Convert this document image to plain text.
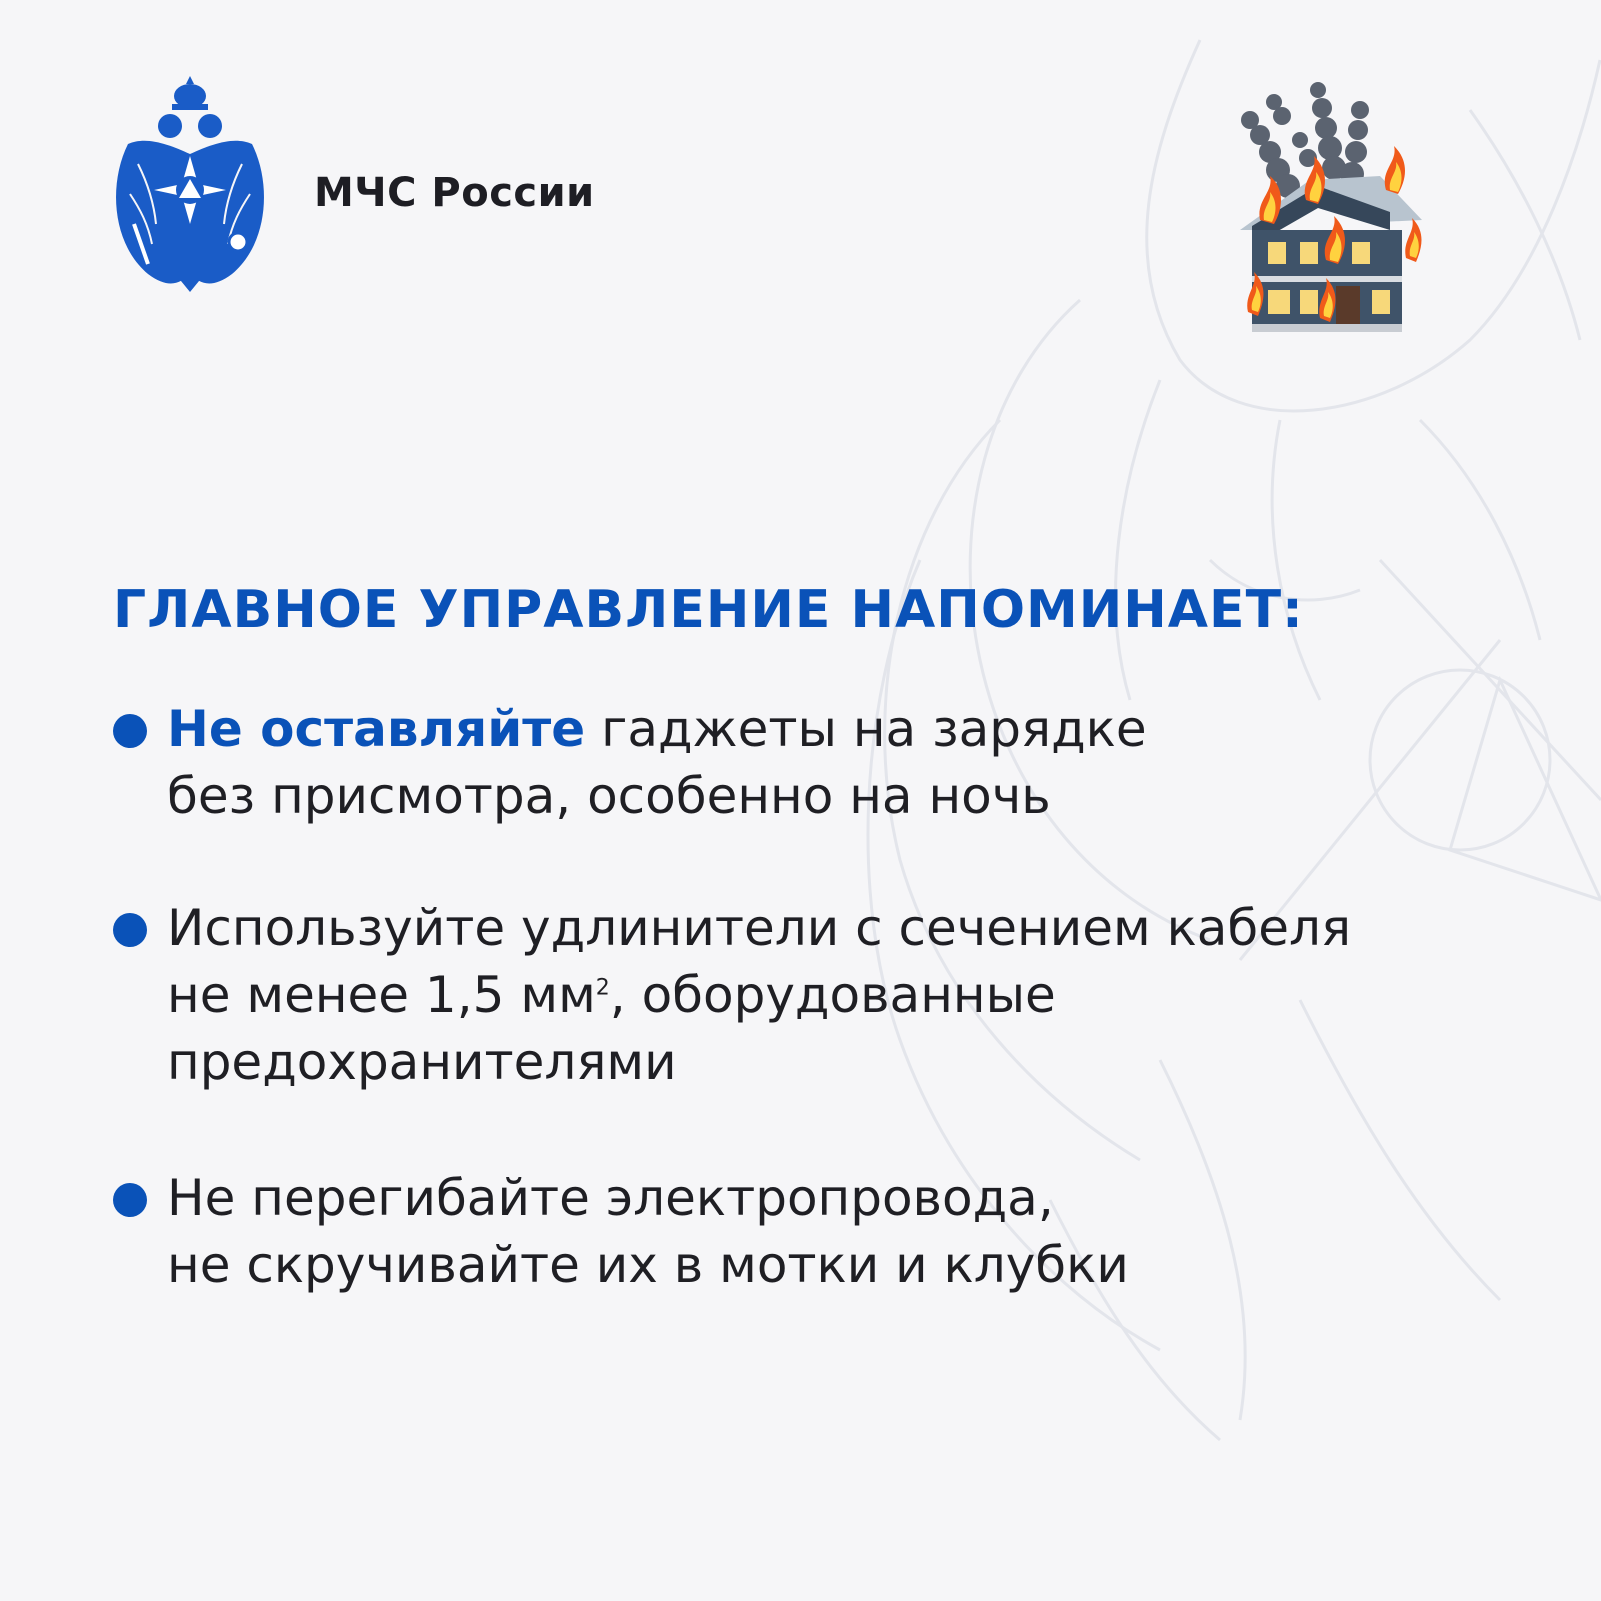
МЧС России
ГЛАВНОЕ УПРАВЛЕНИЕ НАПОМИНАЕТ:
Не оставляйте гаджеты на зарядке
без присмотра, особенно на ночь
Используйте удлинители с сечением кабеля
не менее 1,5 $мм^2$, оборудованные
предохранителями
Не перегибайте электропровода,
не скручивайте их в мотки и клубки
